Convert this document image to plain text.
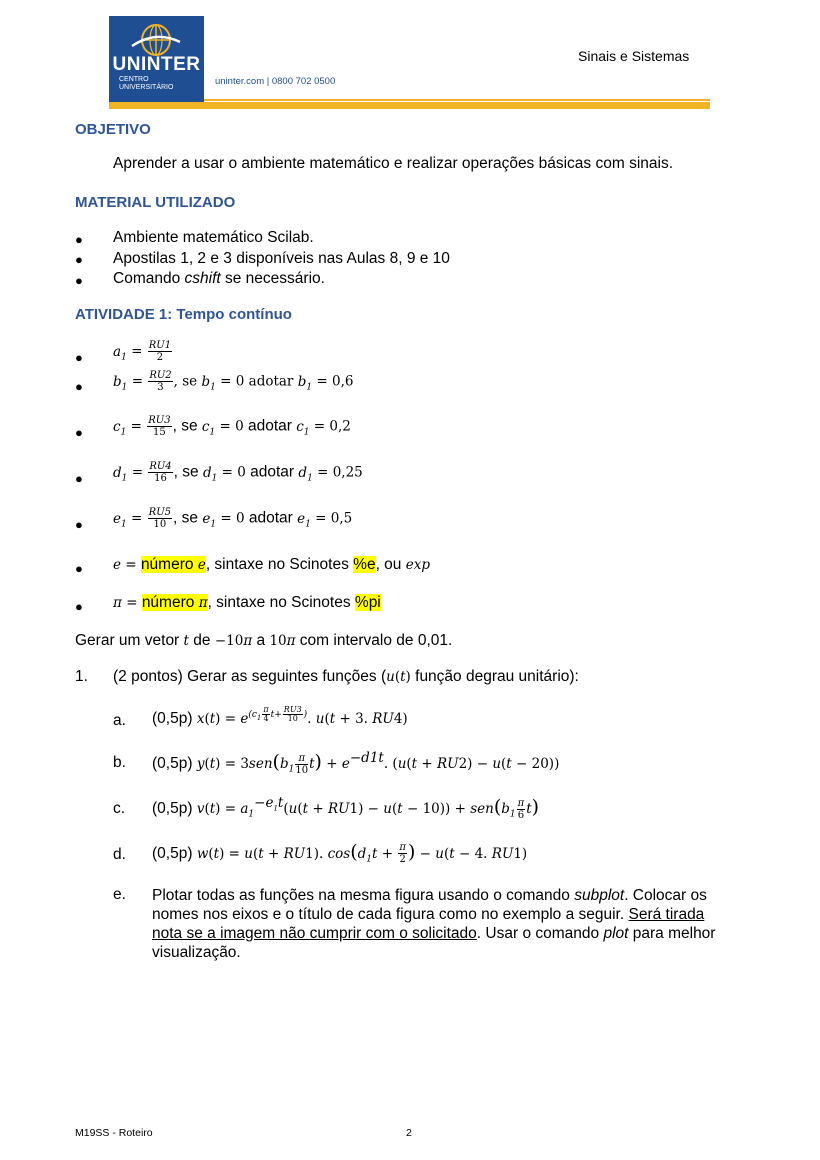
UNINTER
CENTRO
UNIVERSITÁRIO
uninter.com | 0800 702 0500
Sinais e Sistemas
OBJETIVO
Aprender a usar o ambiente matemático e realizar operações básicas com sinais.
MATERIAL UTILIZADO
● Ambiente matemático Scilab.
● Apostilas 1, 2 e 3 disponíveis nas Aulas 8, 9 e 10
● Comando cshift se necessário.
ATIVIDADE 1: Tempo contínuo
● $a_1 = \frac{RU1}{2}$
● $b_1 = \frac{RU2}{3}$ , se $b_1 = 0$ adotar $b_1 = 0,6$
● $c_1 = \frac{RU3}{15}$ , se $c_1 = 0$ adotar $c_1 = 0,2$
● $d_1 = \frac{RU4}{16}$ , se $d_1 = 0$ adotar $d_1 = 0,25$
● $e_1 = \frac{RU5}{10}$ , se $e_1 = 0$ adotar $e_1 = 0,5$
● e = número e, sintaxe no Scinotes %e, ou exp
● π = número π, sintaxe no Scinotes %pi
Gerar um vetor t de −10π a 10π com intervalo de 0,01.
1. (2 pontos) Gerar as seguintes funções (u(t) função degrau unitário):
a. (0,5p) $x(t) = e^{(c_1 \frac{\pi}{4} t+ \frac{RU3}{10} )}$. u(t + 3. RU4)
b. (0,5p) $y(t) = 3sen(b_1 \frac{\pi}{10} t) + e^{-d1t}$. (u(t + RU2) − u(t − 20))
c. (0,5p) $v(t) = a_1^{-e_1t}(u(t + RU1) - u(t - 10)) + sen(b_1 \frac{\pi}{6} t)$
d. (0,5p) w(t) = u(t + RU1). $\cos(d_1t + \frac{\pi}{2}$ ) − u(t − 4. RU1)
e. Plotar todas as funções na mesma figura usando o comando subplot. Colocar os
nomes nos eixos e o título de cada figura como no exemplo a seguir. Será tirada
nota se a imagem não cumprir com o solicitado. Usar o comando plot para melhor
visualização.
M19SS - Roteiro	2
